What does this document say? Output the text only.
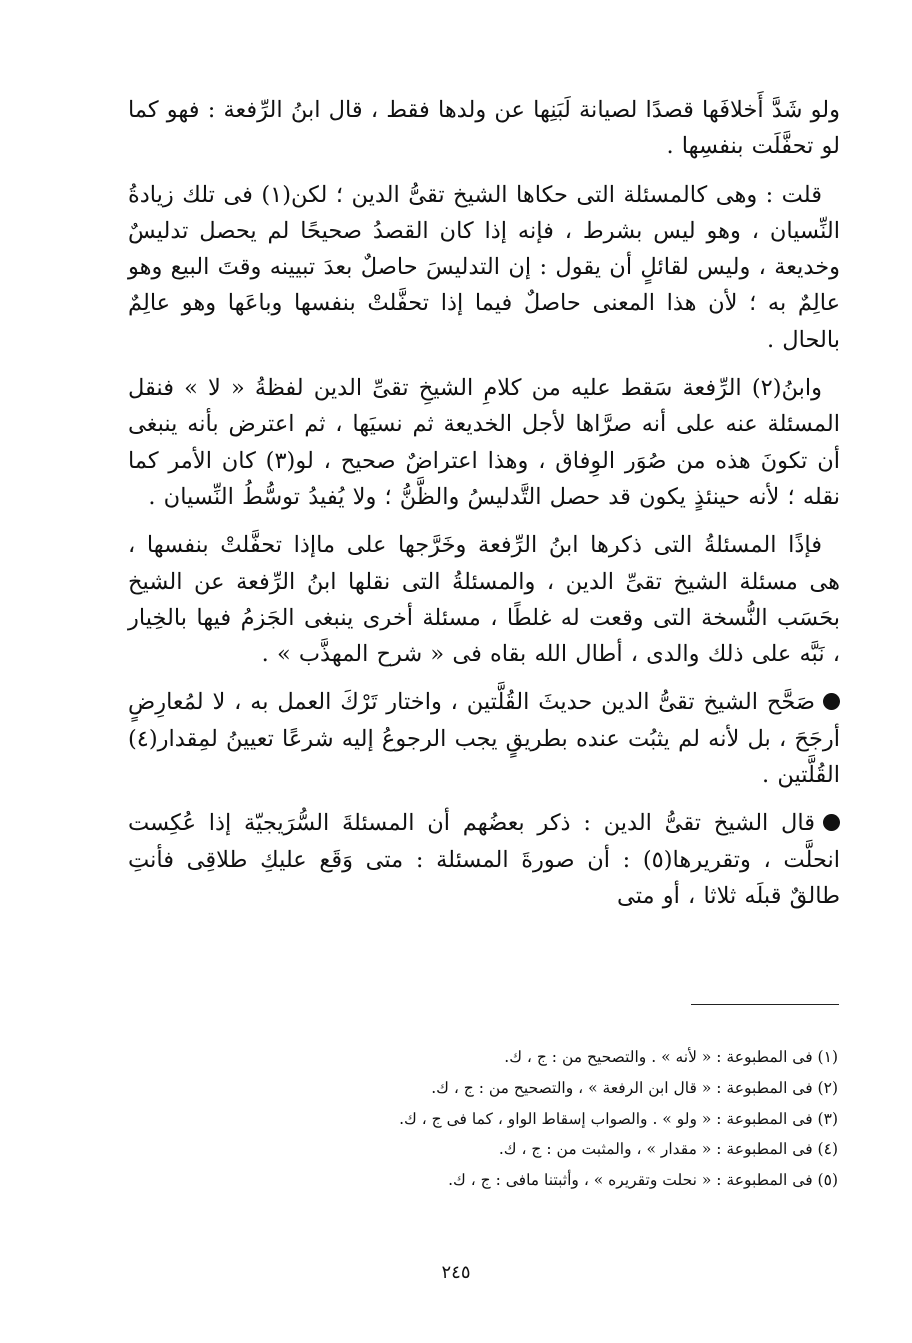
ولو شَدَّ أَخلافَها قصدًا لصيانة لَبَنِها عن ولدها فقط ، قال ابنُ الرِّفعة : فهو كما لو تحفَّلَت بنفسِها .

قلت : وهى كالمسئلة التى حكاها الشيخ تقىُّ الدين ؛ لكن(١) فى تلك زيادةُ النِّسيان ، وهو ليس بشرط ، فإنه إذا كان القصدُ صحيحًا لم يحصل تدليسٌ وخديعة ، وليس لقائلٍ أن يقول : إن التدليسَ حاصلٌ بعدَ تبيينه وقتَ البيع وهو عالِمٌ به ؛ لأن هذا المعنى حاصلٌ فيما إذا تحفَّلتْ بنفسها وباعَها وهو عالِمٌ بالحال .

وابنُ(٢) الرِّفعة سَقط عليه من كلامِ الشيخِ تقىِّ الدين لفظةُ « لا » فنقل المسئلة عنه على أنه صرَّاها لأجل الخديعة ثم نسيَها ، ثم اعترض بأنه ينبغى أن تكونَ هذه من صُوَر الوِفاق ، وهذا اعتراضٌ صحيح ، لو(٣) كان الأمر كما نقله ؛ لأنه حينئذٍ يكون قد حصل التَّدليسُ والظَّنُّ ؛ ولا يُفيدُ توسُّطُ النِّسيان .

فإذًا المسئلةُ التى ذكرها ابنُ الرِّفعة وخَرَّجها على ماإذا تحفَّلتْ بنفسها ، هى مسئلة الشيخ تقىِّ الدين ، والمسئلةُ التى نقلها ابنُ الرِّفعة عن الشيخ بحَسَب النُّسخة التى وقعت له غلطًا ، مسئلة أخرى ينبغى الجَزمُ فيها بالخِيار ، نَبَّه على ذلك والدى ، أطال الله بقاه فى « شرح المهذَّب » .

صَحَّح الشيخ تقىُّ الدين حديثَ القُلَّتين ، واختار تَرْكَ العمل به ، لا لمُعارِضٍ أرجَحَ ، بل لأنه لم يثبُت عنده بطريقٍ يجب الرجوعُ إليه شرعًا تعيينُ لمِقدار(٤) القُلَّتين .

قال الشيخ تقىُّ الدين : ذكر بعضُهم أن المسئلةَ السُّرَيجيّة إذا عُكِست انحلَّت ، وتقريرها(٥) : أن صورةَ المسئلة : متى وَقَع عليكِ طلاقِى فأنتِ طالقٌ قبلَه ثلاثا ، أو متى

(١) فى المطبوعة : « لأنه » . والتصحيح من : ج ، ك.
(٢) فى المطبوعة : « قال ابن الرفعة » ، والتصحيح من : ج ، ك.
(٣) فى المطبوعة : « ولو » . والصواب إسقاط الواو ، كما فى ج ، ك.
(٤) فى المطبوعة : « مقدار » ، والمثبت من : ج ، ك.
(٥) فى المطبوعة : « نحلت وتقريره » ، وأثبتنا مافى : ج ، ك.
٢٤٥
